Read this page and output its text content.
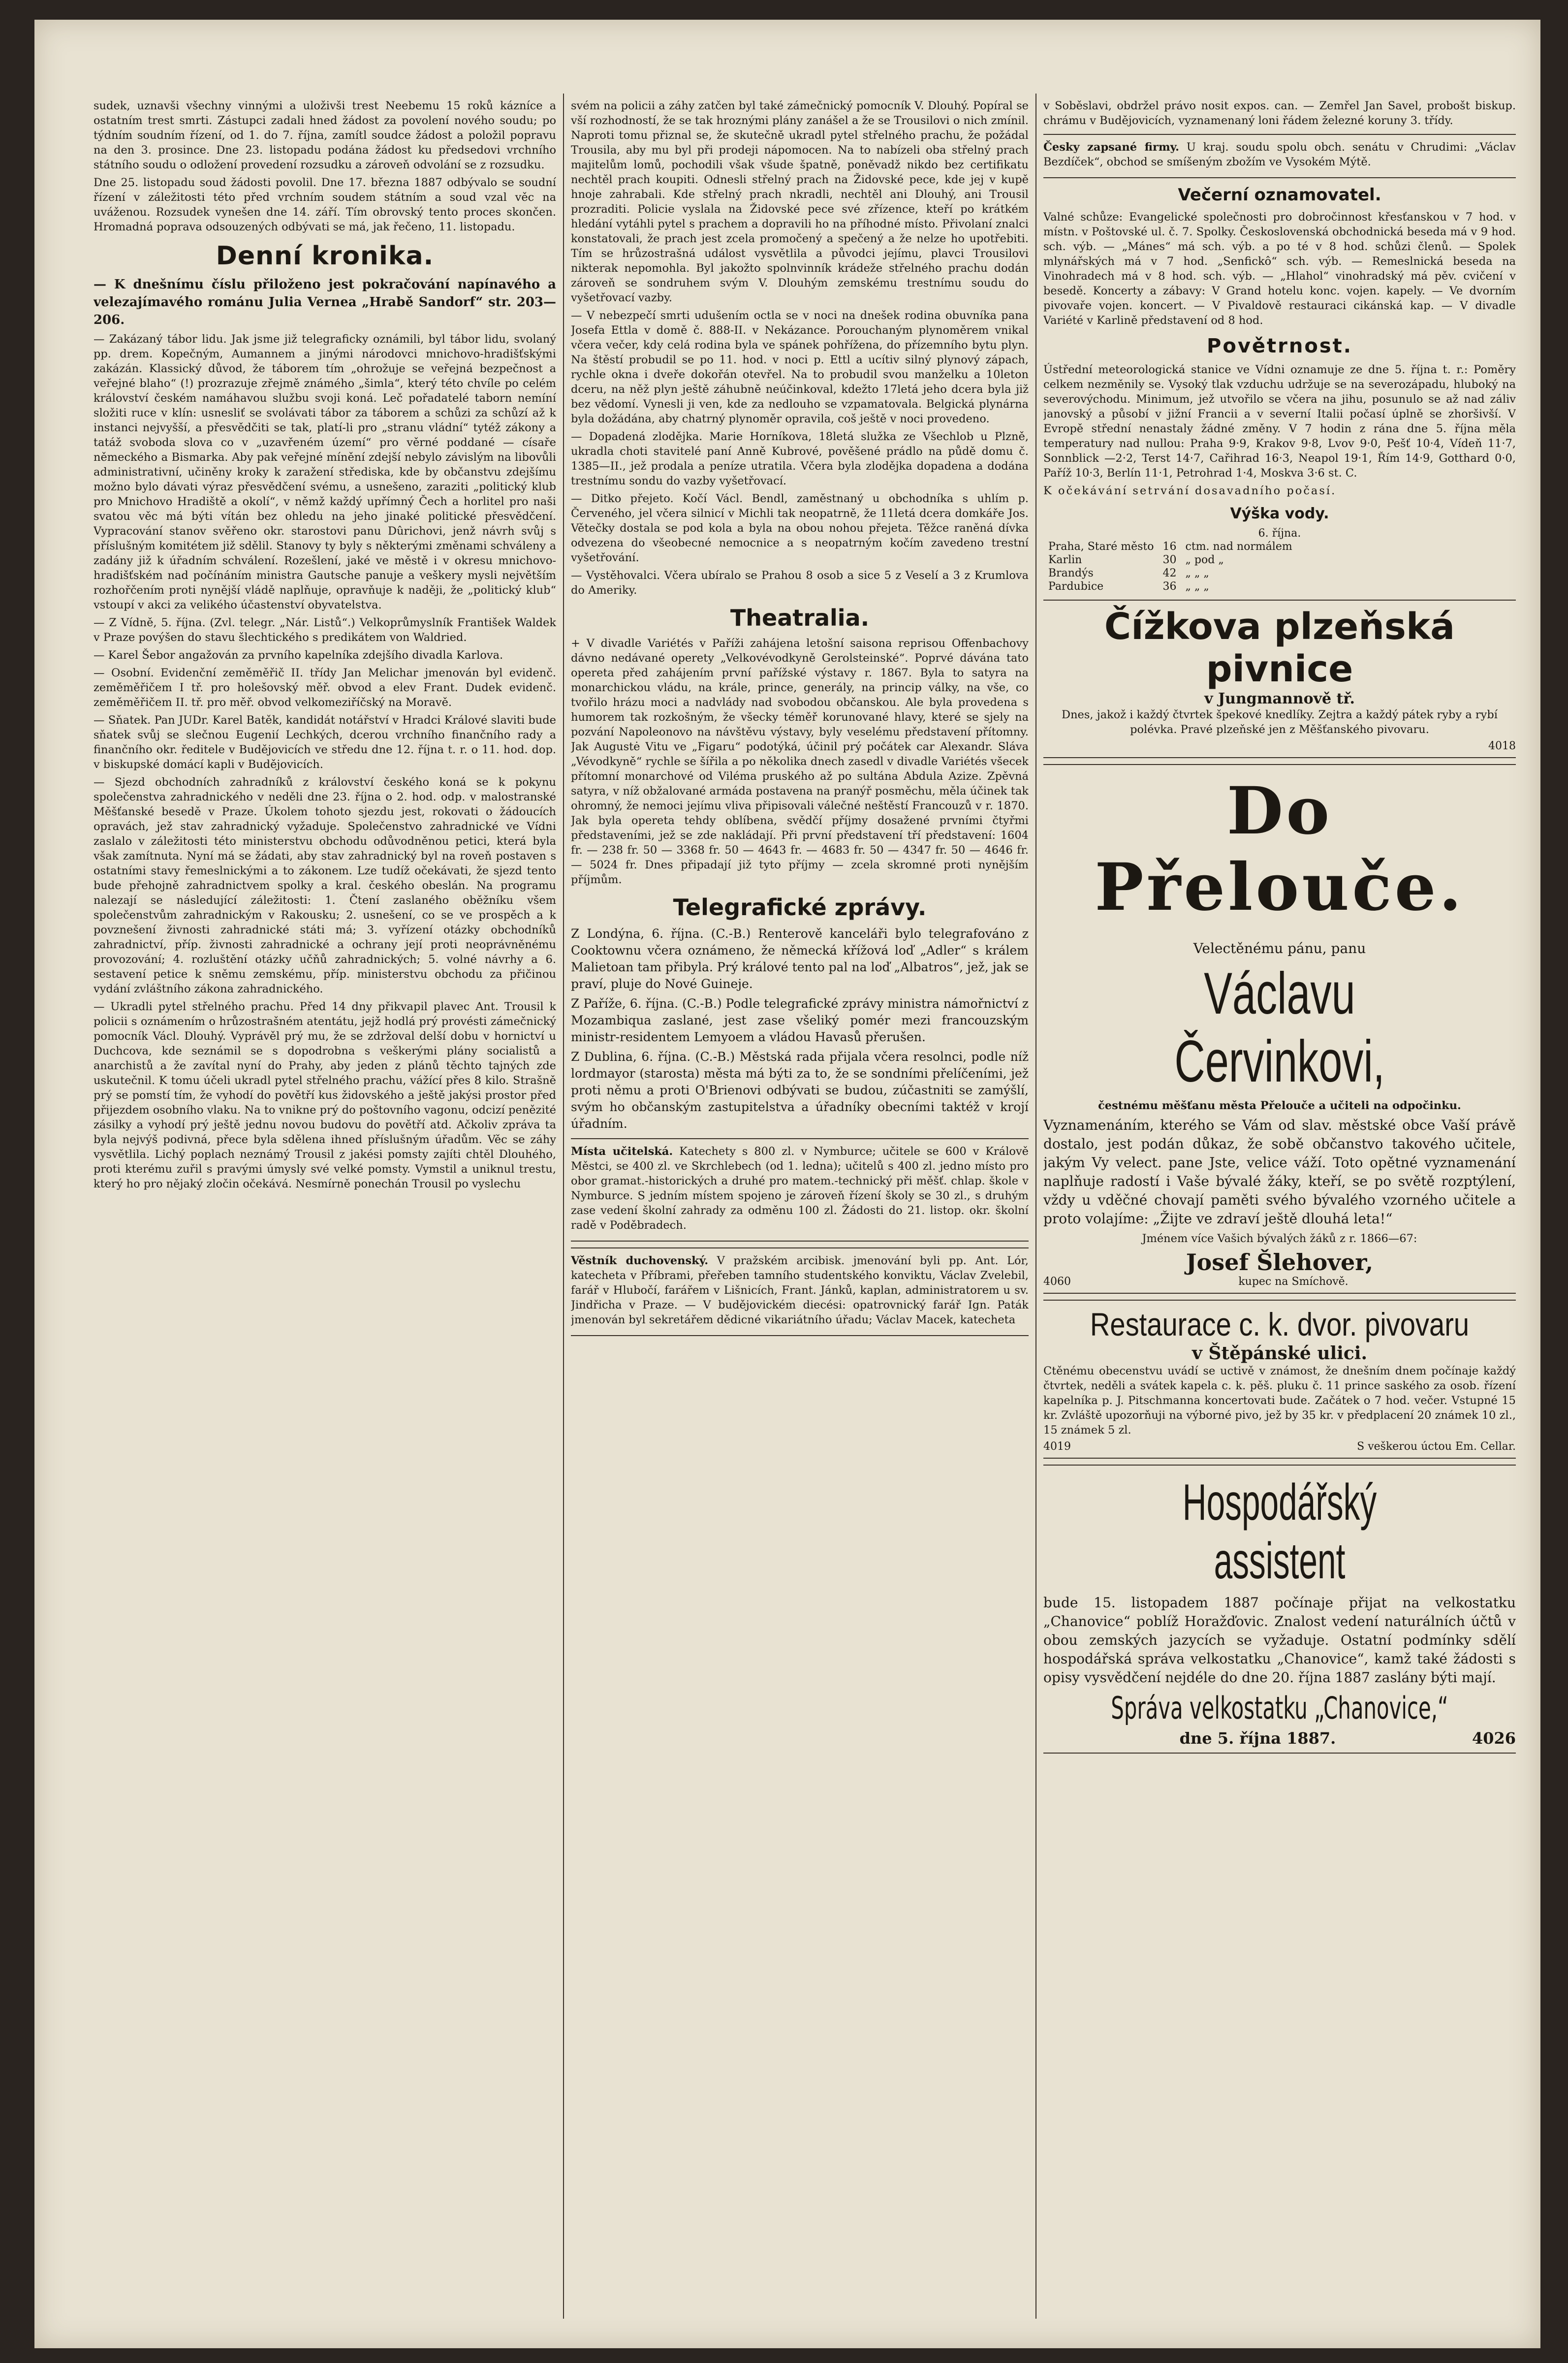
sudek, uznavši všechny vinnými a uloživši trest Neebemu 15 roků kázníce a ostatním trest smrti. Zástupci zadali hned žádost za povolení nového soudu; po týdním soudním řízení, od 1. do 7. října, zamítl soudce žádost a položil popravu na den 3. prosince. Dne 23. listopadu podána žádost ku předsedovi vrchního státního soudu o odložení provedení rozsudku a zároveň odvolání se z rozsudku.

Dne 25. listopadu soud žádosti povolil. Dne 17. března 1887 odbývalo se soudní řízení v záležitosti této před vrchním soudem státním a soud vzal věc na uváženou. Rozsudek vynešen dne 14. září. Tím obrovský tento proces skončen. Hromadná poprava odsouzených odbývati se má, jak řečeno, 11. listopadu.

Denní kronika.

— K dnešnímu číslu přiloženo jest pokračování napínavého a velezajímavého románu Julia Vernea „Hrabě Sandorf“ str. 203—206.

— Zakázaný tábor lidu. Jak jsme již telegraficky oznámili, byl tábor lidu, svolaný pp. drem. Kopečným, Aumannem a jinými národovci mnichovo-hradišťskými zakázán. Klassický důvod, že táborem tím „ohrožuje se veřejná bezpečnost a veřejné blaho“ (!) prozrazuje zřejmě známého „šimla“, který této chvíle po celém království českém namáhavou službu svoji koná. Leč pořadatelé taborn nemíní složiti ruce v klín: usnesliť se svolávati tábor za táborem a schůzi za schůzí až k instanci nejvyšší, a přesvědčiti se tak, platí-li pro „stranu vládní“ tytéž zákony a tatáž svoboda slova co v „uzavřeném území“ pro věrné poddané — císaře německého a Bismarka. Aby pak veřejné mínění zdejší nebylo závislým na libovůli administrativní, učiněny kroky k zaražení střediska, kde by občanstvu zdejšímu možno bylo dávati výraz přesvědčení svému, a usnešeno, zaraziti „politický klub pro Mnichovo Hradiště a okolí“, v němž každý upřímný Čech a horlitel pro naši svatou věc má býti vítán bez ohledu na jeho jinaké politické přesvědčení. Vypracování stanov svěřeno okr. starostovi panu Dûrichovi, jenž návrh svůj s příslušným komitétem již sdělil. Stanovy ty byly s některými změnami schváleny a zadány již k úřadním schválení. Rozešlení, jaké ve městě i v okresu mnichovo-hradišťském nad počínáním ministra Gautsche panuje a veškery mysli největším rozhořčením proti nynější vládě naplňuje, opravňuje k naději, že „politický klub“ vstoupí v akci za velikého účastenství obyvatelstva.

— Z Vídně, 5. října. (Zvl. telegr. „Nár. Listů“.) Velkoprůmyslník František Waldek v Praze povýšen do stavu šlechtického s predikátem von Waldried.

— Karel Šebor angažován za prvního kapelníka zdejšího divadla Karlova.

— Osobní. Evidenční zeměměřič II. třídy Jan Melichar jmenován byl evidenč. zeměměřičem I tř. pro holešovský měř. obvod a elev Frant. Dudek evidenč. zeměměřičem II. tř. pro měř. obvod velkomeziříčský na Moravě.

— Sňatek. Pan JUDr. Karel Batěk, kandidát notářství v Hradci Králové slaviti bude sňatek svůj se slečnou Eugenií Lechkých, dcerou vrchního finančního rady a finančního okr. ředitele v Budějovicích ve středu dne 12. října t. r. o 11. hod. dop. v biskupské domácí kapli v Budějovicích.

— Sjezd obchodních zahradníků z království českého koná se k pokynu společenstva zahradnického v neděli dne 23. října o 2. hod. odp. v malostranské Měšťanské besedě v Praze. Úkolem tohoto sjezdu jest, rokovati o žádoucích opravách, jež stav zahradnický vyžaduje. Společenstvo zahradnické ve Vídni zaslalo v záležitosti této ministerstvu obchodu odůvodněnou petici, která byla však zamítnuta. Nyní má se žádati, aby stav zahradnický byl na roveň postaven s ostatními stavy řemeslnickými a to zákonem. Lze tudíž očekávati, že sjezd tento bude přehojně zahradnictvem spolky a kral. českého obeslán. Na programu nalezají se následující záležitosti: 1. Čtení zaslaného oběžníku všem společenstvům zahradnickým v Rakousku; 2. usnešení, co se ve prospěch a k povznešení živnosti zahradnické státi má; 3. vyřízení otázky obchodníků zahradnictví, příp. živnosti zahradnické a ochrany její proti neoprávněnému provozování; 4. rozluštění otázky učňů zahradnických; 5. volné návrhy a 6. sestavení petice k sněmu zemskému, příp. ministerstvu obchodu za přičinou vydání zvláštního zákona zahradnického.

— Ukradli pytel střelného prachu. Před 14 dny přikvapil plavec Ant. Trousil k policii s oznámením o hrůzostrašném atentátu, jejž hodlá prý provésti zámečnický pomocník Václ. Dlouhý. Vyprávěl prý mu, že se zdržoval delší dobu v hornictví u Duchcova, kde seznámil se s dopodrobna s veškerými plány socialistů a anarchistů a že zavítal nyní do Prahy, aby jeden z plánů těchto tajných zde uskutečnil. K tomu účeli ukradl pytel střelného prachu, vážící přes 8 kilo. Strašně prý se pomstí tím, že vyhodí do povětří kus židovského a ještě jakýsi prostor před přijezdem osobního vlaku. Na to vnikne prý do poštovního vagonu, odcizí penězité zásilky a vyhodí prý ještě jednu novou budovu do povětří atd. Ačkoliv zpráva ta byla nejvýš podivná, přece byla sdělena ihned příslušným úřadům. Věc se záhy vysvětlila. Lichý poplach neznámý Trousil z jakési pomsty zajíti chtěl Dlouhého, proti kterému zuřil s pravými úmysly své velké pomsty. Vymstil a uniknul trestu, který ho pro nějaký zločin očekává. Nesmírně ponechán Trousil po vyslechu

svém na policii a záhy zatčen byl také zámečnický pomocník V. Dlouhý. Popíral se vší rozhodností, že se tak hroznými plány zanášel a že se Trousilovi o nich zmínil. Naproti tomu přiznal se, že skutečně ukradl pytel střelného prachu, že požádal Trousila, aby mu byl při prodeji nápomocen. Na to nabízeli oba střelný prach majitelům lomů, pochodili však všude špatně, poněvadž nikdo bez certifikatu nechtěl prach koupiti. Odnesli střelný prach na Židovské pece, kde jej v kupě hnoje zahrabali. Kde střelný prach nkradli, nechtěl ani Dlouhý, ani Trousil prozraditi. Policie vyslala na Židovské pece své zřízence, kteří po krátkém hledání vytáhli pytel s prachem a dopravili ho na příhodné místo. Přivolaní znalci konstatovali, že prach jest zcela promočený a spečený a že nelze ho upotřebiti. Tím se hrůzostrašná událost vysvětlila a původci jejímu, plavci Trousilovi nikterak nepomohla. Byl jakožto spolnvinník krádeže střelného prachu dodán zároveň se sondruhem svým V. Dlouhým zemskému trestnímu soudu do vyšetřovací vazby.

— V nebezpečí smrti udušením octla se v noci na dnešek rodina obuvníka pana Josefa Ettla v domě č. 888-II. v Nekázance. Porouchaným plynoměrem vnikal včera večer, kdy celá rodina byla ve spánek pohřížena, do přízemního bytu plyn. Na štěstí probudil se po 11. hod. v noci p. Ettl a ucítiv silný plynový zápach, rychle okna i dveře dokořán otevřel. Na to probudil svou manželku a 10leton dceru, na něž plyn ještě záhubně neúčinkoval, kdežto 17letá jeho dcera byla již bez vědomí. Vynesli ji ven, kde za nedlouho se vzpamatovala. Belgická plynárna byla dožádána, aby chatrný plynoměr opravila, coš ještě v noci provedeno.

— Dopadená zlodějka. Marie Horníkova, 18letá služka ze Všechlob u Plzně, ukradla choti stavitelé paní Anně Kubrové, pověšené prádlo na půdě domu č. 1385—II., jež prodala a peníze utratila. Včera byla zlodějka dopadena a dodána trestnímu sondu do vazby vyšetřovací.

— Ditko přejeto. Kočí Václ. Bendl, zaměstnaný u obchodníka s uhlím p. Červeného, jel včera silnicí v Michli tak neopatrně, že 11letá dcera domkáře Jos. Větečky dostala se pod kola a byla na obou nohou přejeta. Těžce raněná dívka odvezena do všeobecné nemocnice a s neopatrným kočím zavedeno trestní vyšetřování.

— Vystěhovalci. Včera ubíralo se Prahou 8 osob a sice 5 z Veselí a 3 z Krumlova do Ameriky.

Theatralia.

+ V divadle Variétés v Paříži zahájena letošní saisona reprisou Offenbachovy dávno nedávané operety „Velkovévodkyně Gerolsteinské“. Poprvé dávána tato opereta před zahájením první pařížské výstavy r. 1867. Byla to satyra na monarchickou vládu, na krále, prince, generály, na princip války, na vše, co tvořilo hrázu moci a nadvlády nad svobodou občanskou. Ale byla provedena s humorem tak rozkošným, že všecky téměř korunované hlavy, které se sjely na pozvání Napoleonovo na návštěvu výstavy, byly veselému představení přítomny. Jak Augustė Vitu ve „Figaru“ podotýká, účinil prý počátek car Alexandr. Sláva „Vévodkyně“ rychle se šířila a po několika dnech zasedl v divadle Variétés všecek přítomní monarchové od Viléma pruského až po sultána Abdula Azize. Zpěvná satyra, v níž obžalované armáda postavena na pranýř posměchu, měla účinek tak ohromný, že nemoci jejímu vliva připisovali válečné neštěstí Francouzů v r. 1870. Jak byla opereta tehdy oblíbena, svědčí příjmy dosažené prvními čtyřmi představeními, jež se zde nakládají. Při první představení tří představení: 1604 fr. — 238 fr. 50 — 3368 fr. 50 — 4643 fr. — 4683 fr. 50 — 4347 fr. 50 — 4646 fr. — 5024 fr. Dnes připadají již tyto příjmy — zcela skromné proti nynějším příjmům.

Telegrafické zprávy.

Z Londýna, 6. října. (C.-B.) Renterově kanceláři bylo telegrafováno z Cooktownu včera oznámeno, že německá křížová loď „Adler“ s králem Malietoan tam přibyla. Prý králové tento pal na loď „Albatros“, jež, jak se praví, pluje do Nové Guineje.

Z Paříže, 6. října. (C.-B.) Podle telegrafické zprávy ministra námořnictví z Mozambiqua zaslané, jest zase všeliký pomér mezi francouzským ministr-residentem Lemyoem a vládou Havasů přerušen.

Z Dublina, 6. října. (C.-B.) Městská rada přijala včera resolnci, podle níž lordmayor (starosta) města má býti za to, že se sondními přelíčeními, jež proti němu a proti O'Brienovi odbývati se budou, zúčastniti se zamýšlí, svým ho občanským zastupitelstva a úřadníky obecními taktéž v krojí úřadním.

Místa učitelská. Katechety s 800 zl. v Nymburce; učitele se 600 v Králově Městci, se 400 zl. ve Skrchlebech (od 1. ledna); učitelů s 400 zl. jedno místo pro obor gramat.-historických a druhé pro matem.-technický při měšť. chlap. škole v Nymburce. S jedním místem spojeno je zároveň řízení školy se 30 zl., s druhým zase vedení školní zahrady za odměnu 100 zl. Žádosti do 21. listop. okr. školní radě v Poděbradech.

Věstník duchovenský. V pražském arcibisk. jmenování byli pp. Ant. Lór, katecheta v Příbrami, přeřeben tamního studentského konviktu, Václav Zvelebil, farář v Hlubočí, farářem v Lišnicích, Frant. Jánků, kaplan, administratorem u sv. Jindřicha v Praze. — V budějovickém diecési: opatrovnický farář Ign. Paták jmenován byl sekretářem dědicné vikariátního úřadu; Václav Macek, katecheta

v Soběslavi, obdržel právo nosit expos. can. — Zemřel Jan Savel, probošt biskup. chrámu v Budějovicích, vyznamenaný loni řádem železné koruny 3. třídy.

Česky zapsané firmy. U kraj. soudu spolu obch. senátu v Chrudimi: „Václav Bezdíček“, obchod se smíšeným zbožím ve Vysokém Mýtě.

Večerní oznamovatel.

Valné schůze: Evangelické společnosti pro dobročinnost křesťanskou v 7 hod. v místn. v Poštovské ul. č. 7. Spolky. Československá obchodnická beseda má v 9 hod. sch. výb. — „Mánes“ má sch. výb. a po té v 8 hod. schůzi členů. — Spolek mlynářských má v 7 hod. „Senfickô“ sch. výb. — Remeslnická beseda na Vinohradech má v 8 hod. sch. výb. — „Hlahol“ vinohradský má pěv. cvičení v besedě. Koncerty a zábavy: V Grand hotelu konc. vojen. kapely. — Ve dvorním pivovaře vojen. koncert. — V Pivaldově restauraci cikánská kap. — V divadle Variété v Karlině představení od 8 hod.

Povětrnost.

Ústřední meteorologická stanice ve Vídni oznamuje ze dne 5. října t. r.: Poměry celkem nezměnily se. Vysoký tlak vzduchu udržuje se na severozápadu, hluboký na severovýchodu. Minimum, jež utvořilo se včera na jihu, posunulo se až nad záliv janovský a působí v jižní Francii a v severní Italii počasí úplně se zhoršivší. V Evropě střední nenastaly žádné změny. V 7 hodin z rána dne 5. října měla temperatury nad nullou: Praha 9·9, Krakov 9·8, Lvov 9·0, Pešť 10·4, Vídeň 11·7, Sonnblick —2·2, Terst 14·7, Cařihrad 16·3, Neapol 19·1, Řím 14·9, Gotthard 0·0, Paříž 10·3, Berlín 11·1, Petrohrad 1·4, Moskva 3·6 st. C.

K očekávání setrvání dosavadního počasí.

Výška vody.
6. října.
Praha, Staré město	16	ctm. nad normálem
Karlin	30	„ pod „
Brandýs	42	„ „ „
Pardubice	36	„ „ „
Čížkova plzeňská pivnice
v Jungmannově tř.

Dnes, jakož i každý čtvrtek špekové knedlíky. Zejtra a každý pátek ryby a rybí polévka. Pravé plzeňské jen z Měšťanského pivovaru.

4018
Do Přelouče.
Velectěnému pánu, panu
Václavu Červinkovi,

čestnému měšťanu města Přelouče a učiteli na odpočinku.

Vyznamenáním, kterého se Vám od slav. městské obce Vaší právě dostalo, jest podán důkaz, že sobě občanstvo takového učitele, jakým Vy velect. pane Jste, velice váží. Toto opětné vyznamenání naplňuje radostí i Vaše bývalé žáky, kteří, se po světě rozptýlení, vždy u vděčné chovají paměti svého bývalého vzorného učitele a proto volajíme: „Žijte ve zdraví ještě dlouhá leta!“

Jménem více Vašich bývalých žáků z r. 1866—67:

Josef Šlehover,
4060	kupec na Smíchově.
Restaurace c. k. dvor. pivovaru
v Štěpánské ulici.

Ctěnému obecenstvu uvádí se uctivě v známost, že dnešním dnem počínaje každý čtvrtek, neděli a svátek kapela c. k. pěš. pluku č. 11 prince saského za osob. řízení kapelníka p. J. Pitschmanna koncertovati bude. Začátek o 7 hod. večer. Vstupné 15 kr. Zvláště upozorňuji na výborné pivo, jež by 35 kr. v předplacení 20 známek 10 zl., 15 známek 5 zl.

4019	S veškerou úctou Em. Cellar.
Hospodářský assistent

bude 15. listopadem 1887 počínaje přijat na velkostatku „Chanovice“ poblíž Horažďovic. Znalost vedení naturálních účtů v obou zemských jazycích se vyžaduje. Ostatní podmínky sdělí hospodářská správa velkostatku „Chanovice“, kamž také žádosti s opisy vysvědčení nejdéle do dne 20. října 1887 zaslány býti mají.

Správa velkostatku „Chanovice,“
dne 5. října 1887.	4026
